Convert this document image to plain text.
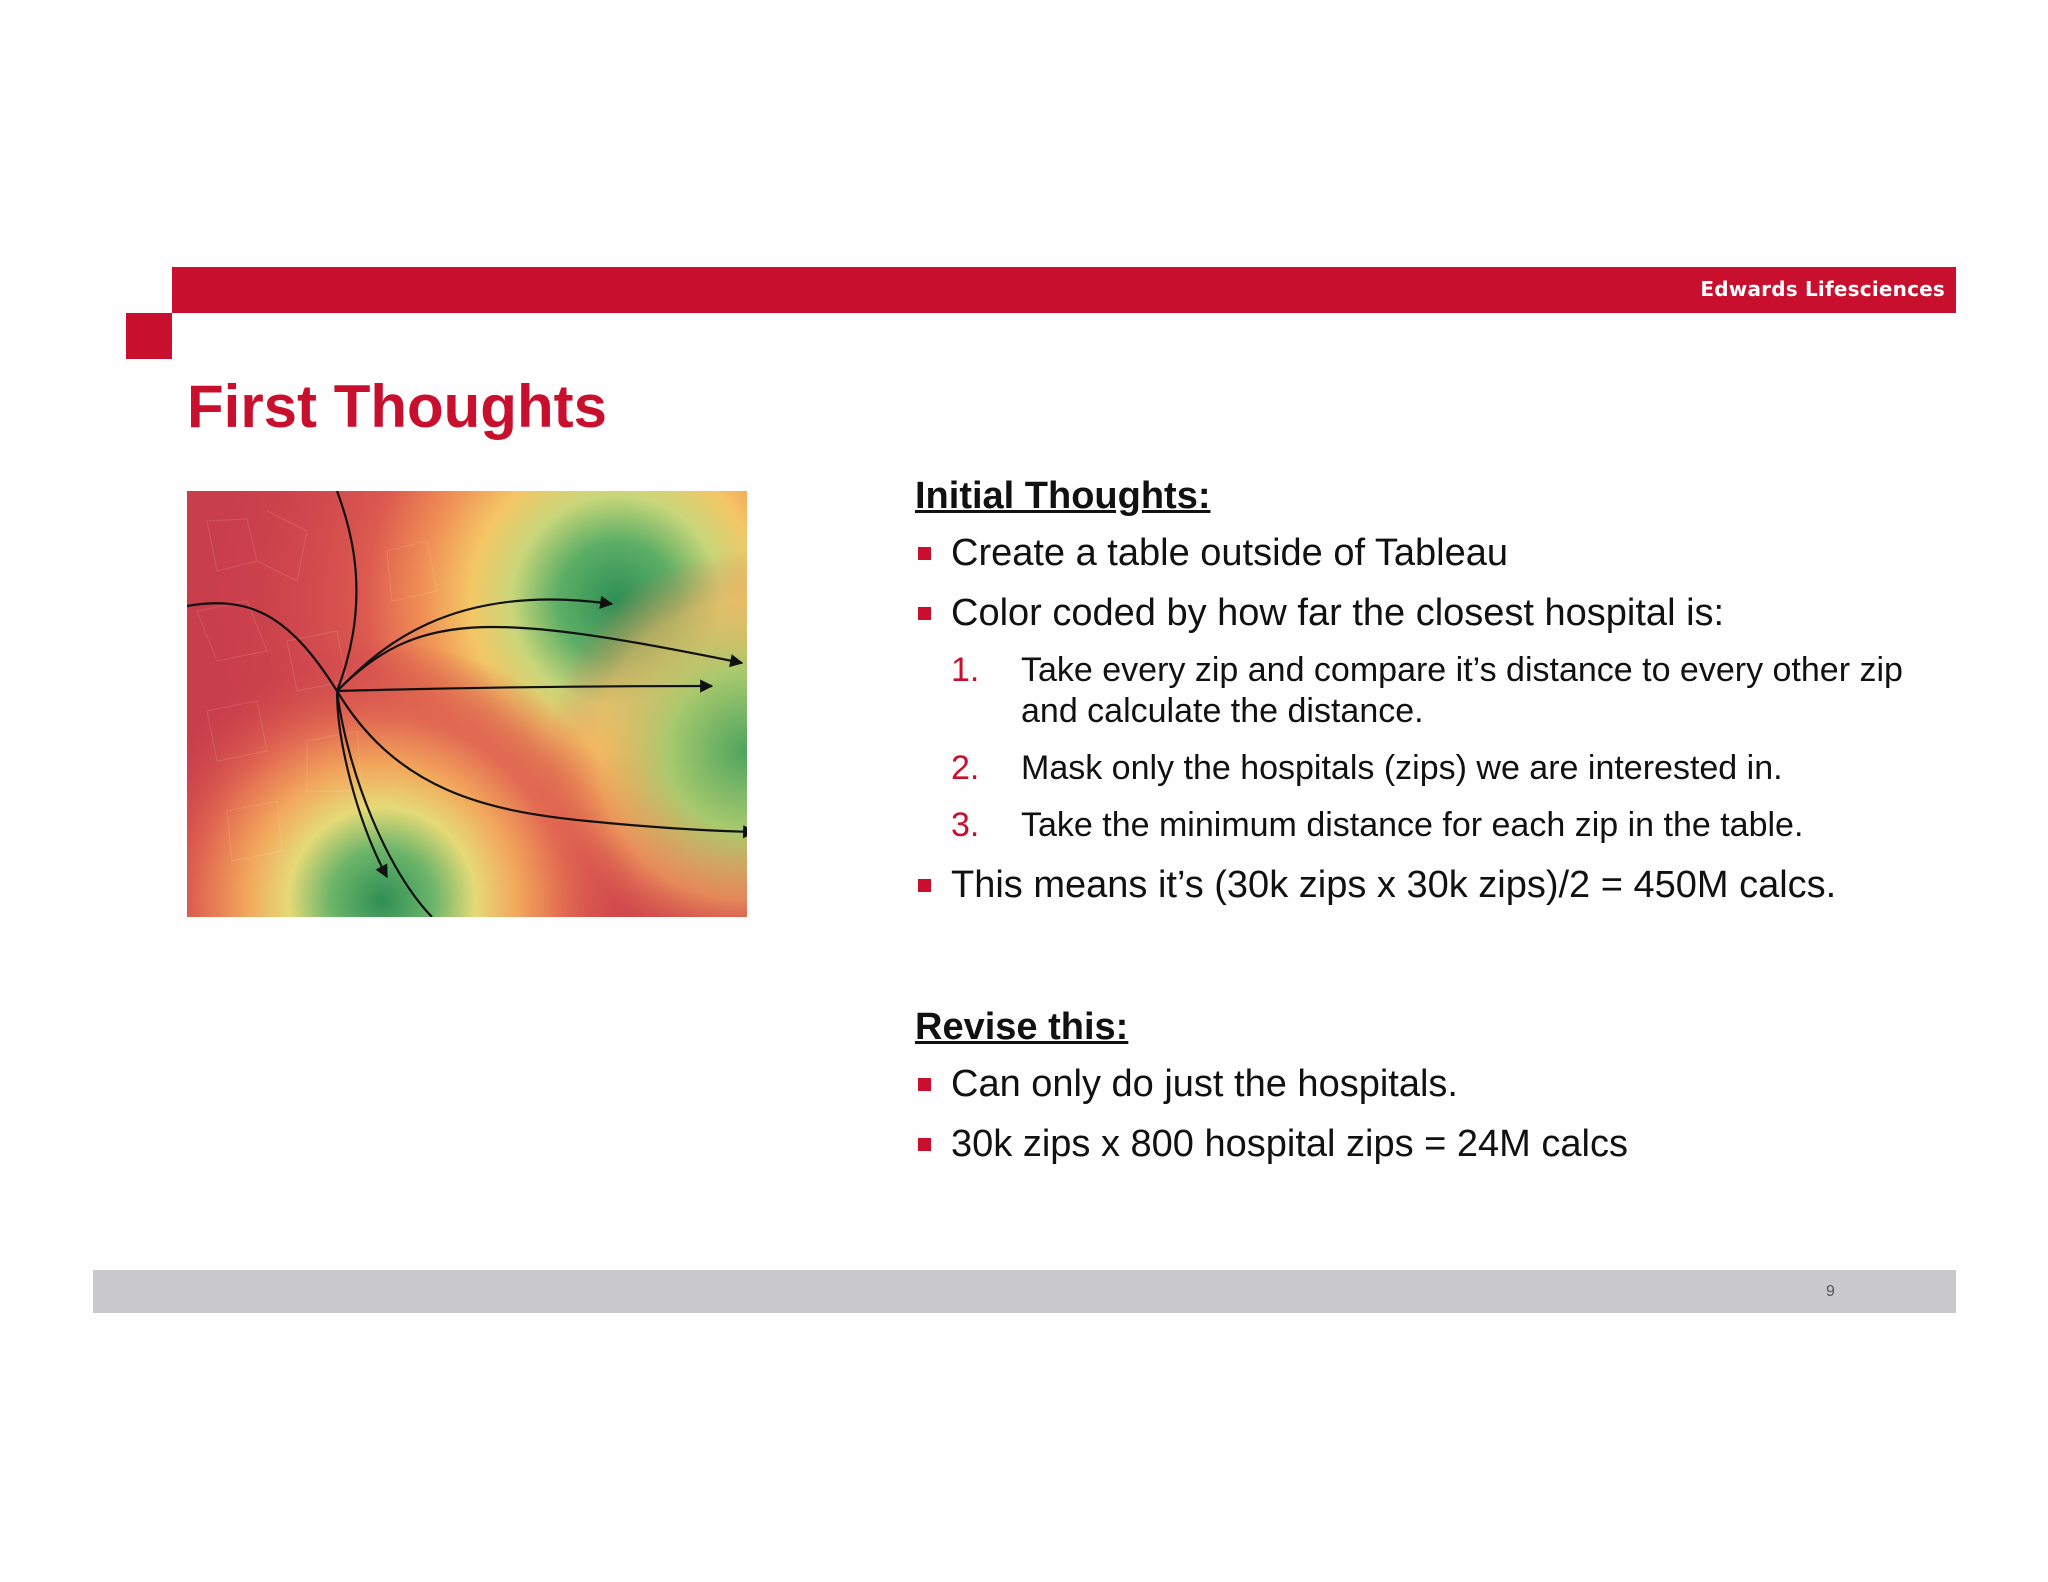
Edwards Lifesciences
First Thoughts
Initial Thoughts:
Create a table outside of Tableau
Color coded by how far the closest hospital is:
1. Take every zip and compare it’s distance to every other zip and calculate the distance.
2. Mask only the hospitals (zips) we are interested in.
3. Take the minimum distance for each zip in the table.
This means it’s (30k zips x 30k zips)/2 = 450M calcs.
Revise this:
Can only do just the hospitals.
30k zips x 800 hospital zips = 24M calcs
9
